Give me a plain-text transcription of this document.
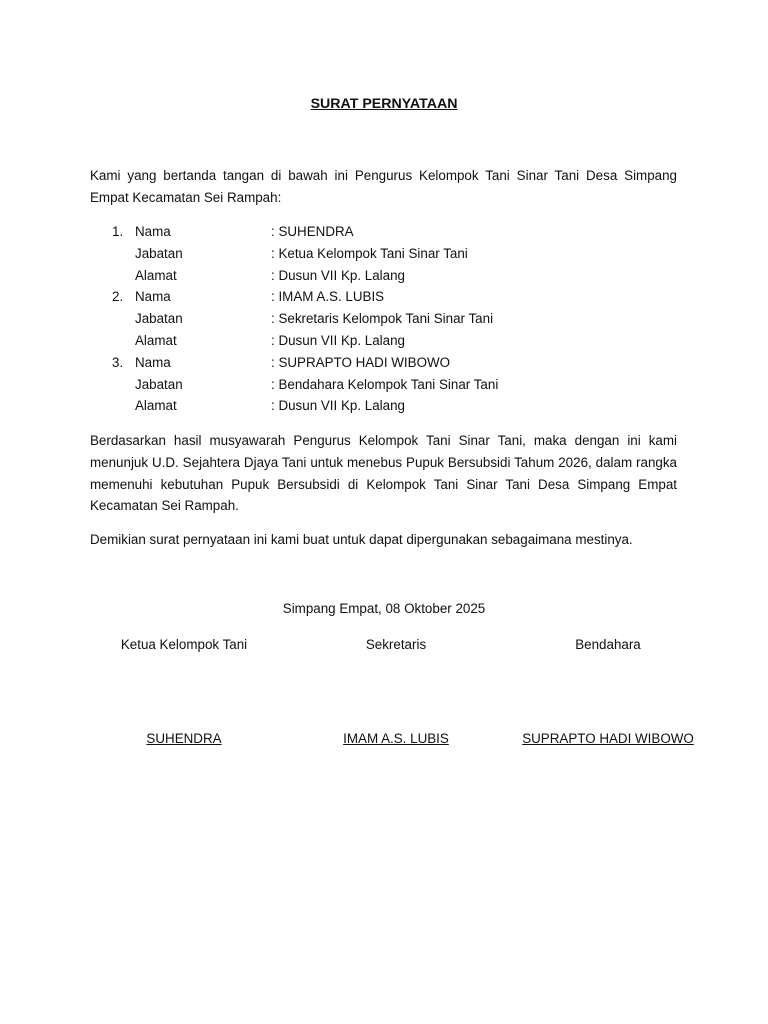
SURAT PERNYATAAN
Kami yang bertanda tangan di bawah ini Pengurus Kelompok Tani Sinar Tani Desa Simpang Empat Kecamatan Sei Rampah:
1. Nama	: SUHENDRA
Jabatan	: Ketua Kelompok Tani Sinar Tani
Alamat	: Dusun VII Kp. Lalang
2. Nama	: IMAM A.S. LUBIS
Jabatan	: Sekretaris Kelompok Tani Sinar Tani
Alamat	: Dusun VII Kp. Lalang
3. Nama	: SUPRAPTO HADI WIBOWO
Jabatan	: Bendahara Kelompok Tani Sinar Tani
Alamat	: Dusun VII Kp. Lalang
Berdasarkan hasil musyawarah Pengurus Kelompok Tani Sinar Tani, maka dengan ini kami menunjuk U.D. Sejahtera Djaya Tani untuk menebus Pupuk Bersubsidi Tahum 2026, dalam rangka memenuhi kebutuhan Pupuk Bersubsidi di Kelompok Tani Sinar Tani Desa Simpang Empat Kecamatan Sei Rampah.
Demikian surat pernyataan ini kami buat untuk dapat dipergunakan sebagaimana mestinya.
Simpang Empat, 08 Oktober 2025
Ketua Kelompok Tani	Sekretaris	Bendahara
SUHENDRA	IMAM A.S. LUBIS	SUPRAPTO HADI WIBOWO
